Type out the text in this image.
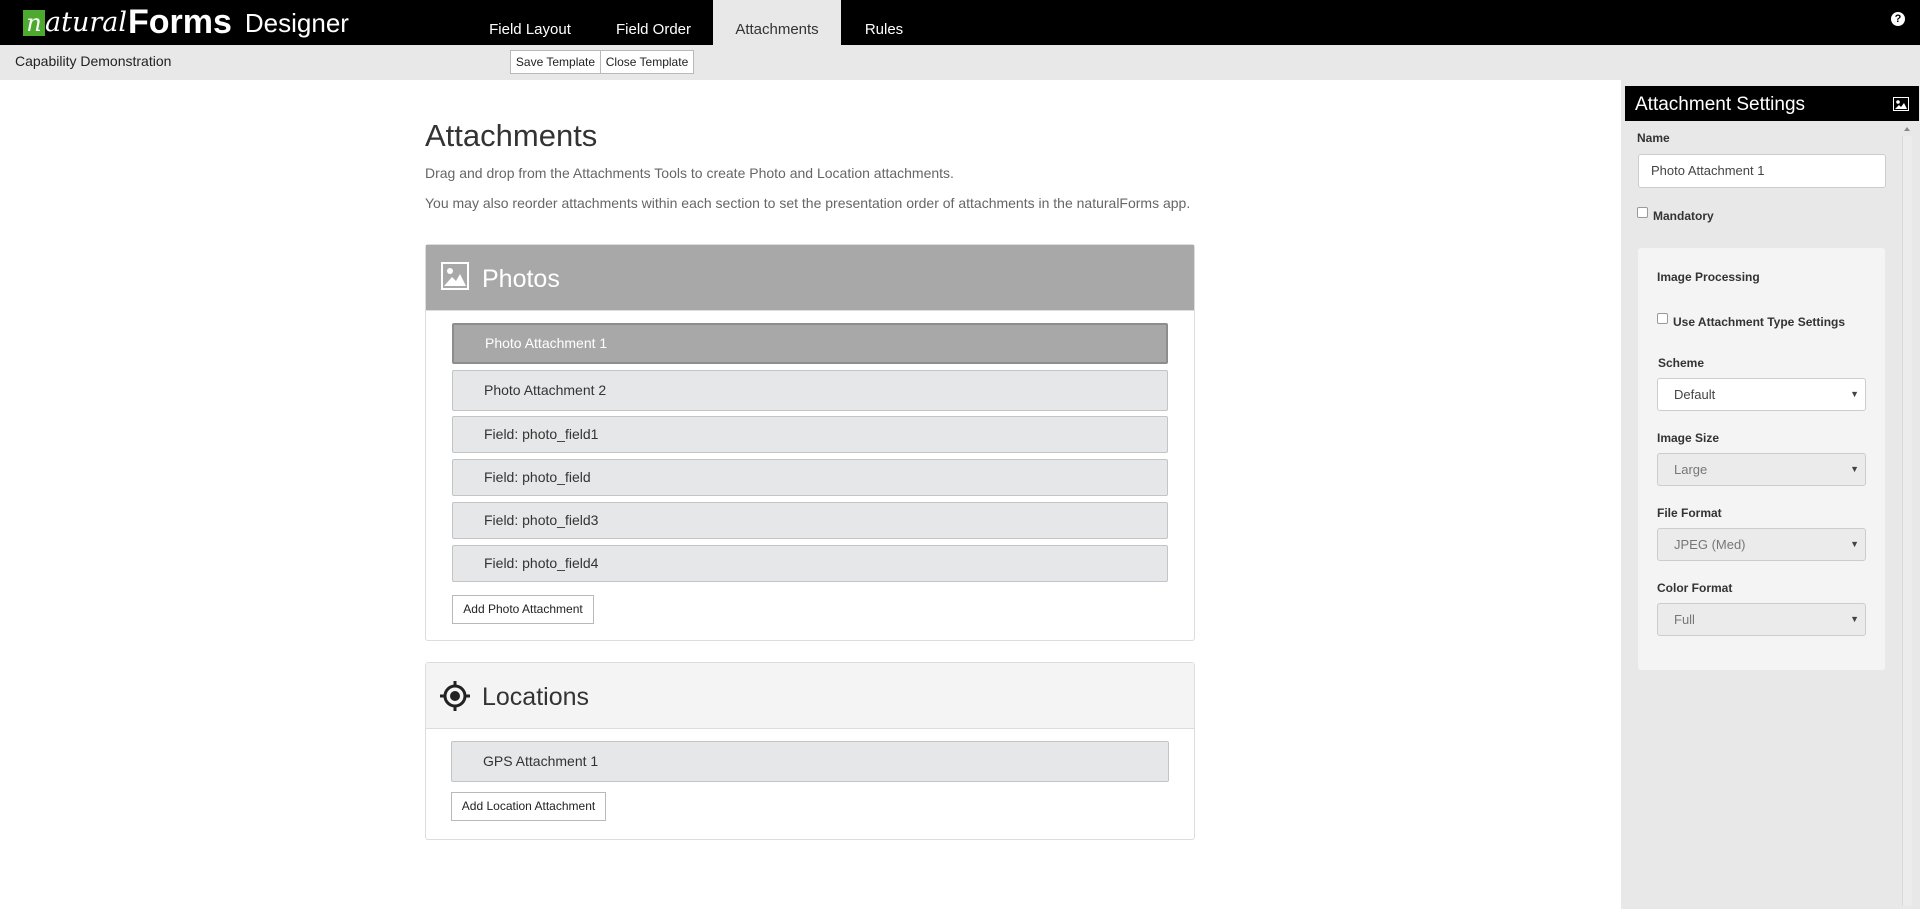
n atural Forms Designer	Field Layout	Field Order	Attachments	Rules
?
Capability Demonstration	Save Template Close Template
Attachments
Drag and drop from the Attachments Tools to create Photo and Location attachments.
You may also reorder attachments within each section to set the presentation order of attachments in the naturalForms app.
Photos
Photo Attachment 1
Photo Attachment 2
Field: photo_field1
Field: photo_field
Field: photo_field3
Field: photo_field4
Add Photo Attachment
Locations
GPS Attachment 1
Add Location Attachment
Attachment Settings
Name
Photo Attachment 1
Mandatory
Image Processing
Use Attachment Type Settings
Scheme
Default	▼
Image Size
Large	▼
File Format
JPEG (Med)	▼
Color Format
Full	▼
